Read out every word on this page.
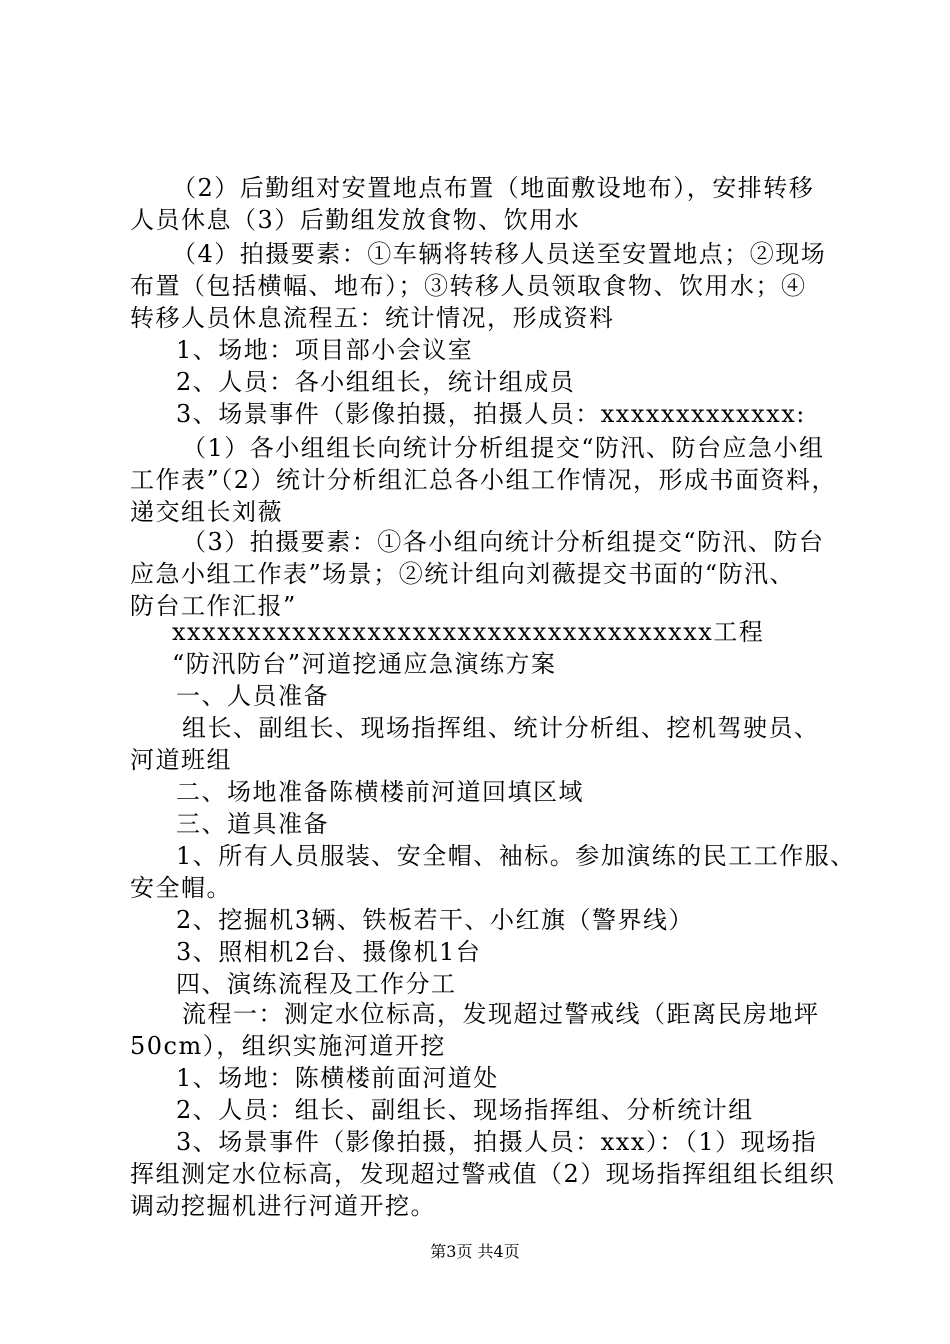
（2）后勤组对安置地点布置（地面敷设地布），安排转移
人员休息（3）后勤组发放食物、饮用水
（4）拍摄要素：①车辆将转移人员送至安置地点；②现场
布置（包括横幅、地布）；③转移人员领取食物、饮用水；④
转移人员休息流程五：统计情况，形成资料
1、场地：项目部小会议室
2、人员：各小组组长，统计组成员
3、场景事件（影像拍摄，拍摄人员：xxxxxxxxxxxxx:
（1）各小组组长向统计分析组提交“防汛、防台应急小组
工作表”（2）统计分析组汇总各小组工作情况，形成书面资料，
递交组长刘薇
（3）拍摄要素：①各小组向统计分析组提交“防汛、防台
应急小组工作表”场景；②统计组向刘薇提交书面的“防汛、
防台工作汇报”
xxxxxxxxxxxxxxxxxxxxxxxxxxxxxxxxxxxx工程
“防汛防台”河道挖通应急演练方案
一、人员准备
组长、副组长、现场指挥组、统计分析组、挖机驾驶员、
河道班组
二、场地准备陈横楼前河道回填区域
三、道具准备
1、所有人员服装、安全帽、袖标。参加演练的民工工作服、
安全帽。
2、挖掘机3辆、铁板若干、小红旗（警界线）
3、照相机2台、摄像机1台
四、演练流程及工作分工
流程一：测定水位标高，发现超过警戒线（距离民房地坪
50cm），组织实施河道开挖
1、场地：陈横楼前面河道处
2、人员：组长、副组长、现场指挥组、分析统计组
3、场景事件（影像拍摄，拍摄人员：xxx）：（1）现场指
挥组测定水位标高，发现超过警戒值（2）现场指挥组组长组织
调动挖掘机进行河道开挖。
第3页 共4页
